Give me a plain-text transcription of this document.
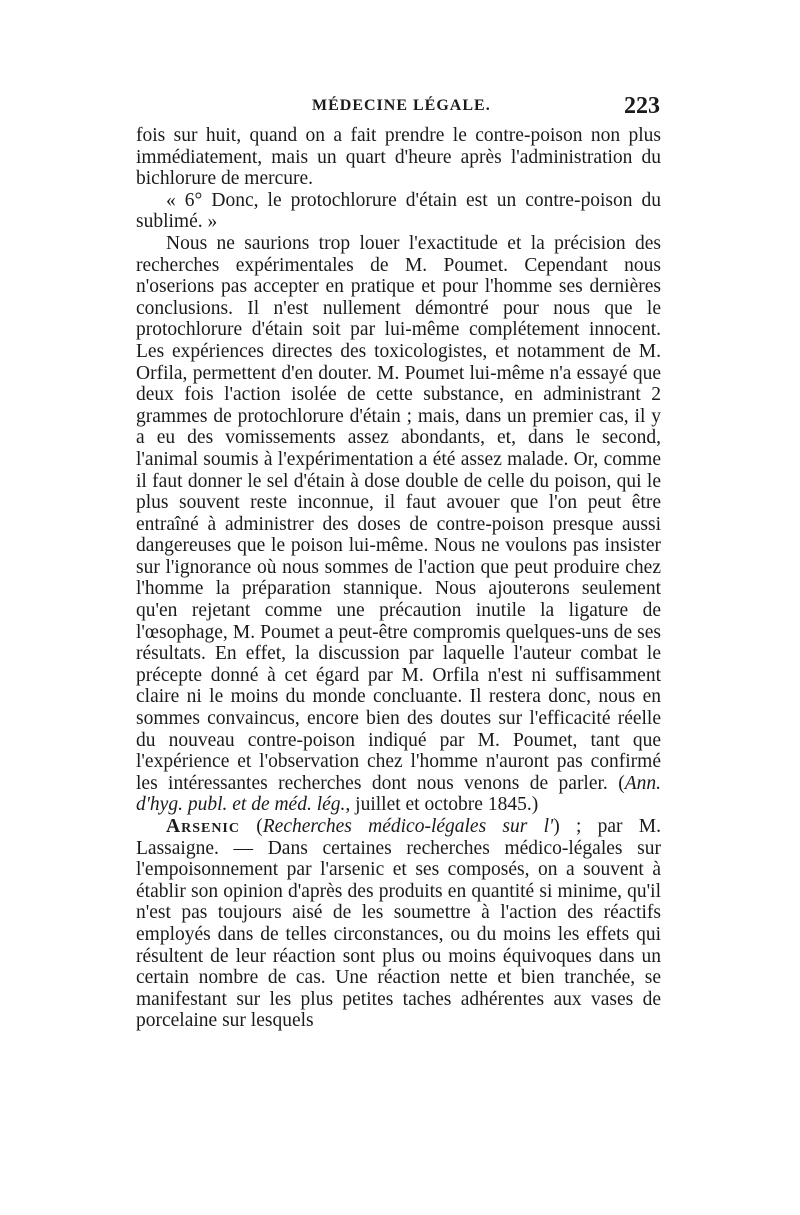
MÉDECINE LÉGALE.	223

fois sur huit, quand on a fait prendre le contre-poison non plus immédiatement, mais un quart d'heure après l'administration du bichlorure de mercure.

« 6° Donc, le protochlorure d'étain est un contre-poison du sublimé. »

Nous ne saurions trop louer l'exactitude et la précision des recherches expérimentales de M. Poumet. Cependant nous n'oserions pas accepter en pratique et pour l'homme ses dernières conclusions. Il n'est nullement démontré pour nous que le protochlorure d'étain soit par lui-même complétement innocent. Les expériences directes des toxicologistes, et notamment de M. Orfila, permettent d'en douter. M. Poumet lui-même n'a essayé que deux fois l'action isolée de cette substance, en administrant 2 grammes de protochlorure d'étain ; mais, dans un premier cas, il y a eu des vomissements assez abondants, et, dans le second, l'animal soumis à l'expérimentation a été assez malade. Or, comme il faut donner le sel d'étain à dose double de celle du poison, qui le plus souvent reste inconnue, il faut avouer que l'on peut être entraîné à administrer des doses de contre-poison presque aussi dangereuses que le poison lui-même. Nous ne voulons pas insister sur l'ignorance où nous sommes de l'action que peut produire chez l'homme la préparation stannique. Nous ajouterons seulement qu'en rejetant comme une précaution inutile la ligature de l'œsophage, M. Poumet a peut-être compromis quelques-uns de ses résultats. En effet, la discussion par laquelle l'auteur combat le précepte donné à cet égard par M. Orfila n'est ni suffisamment claire ni le moins du monde concluante. Il restera donc, nous en sommes convaincus, encore bien des doutes sur l'efficacité réelle du nouveau contre-poison indiqué par M. Poumet, tant que l'expérience et l'observation chez l'homme n'auront pas confirmé les intéressantes recherches dont nous venons de parler. (Ann. d'hyg. publ. et de méd. lég., juillet et octobre 1845.)

Arsenic (Recherches médico-légales sur l') ; par M. Lassaigne. — Dans certaines recherches médico-légales sur l'empoisonnement par l'arsenic et ses composés, on a souvent à établir son opinion d'après des produits en quantité si minime, qu'il n'est pas toujours aisé de les soumettre à l'action des réactifs employés dans de telles circonstances, ou du moins les effets qui résultent de leur réaction sont plus ou moins équivoques dans un certain nombre de cas. Une réaction nette et bien tranchée, se manifestant sur les plus petites taches adhérentes aux vases de porcelaine sur lesquels
